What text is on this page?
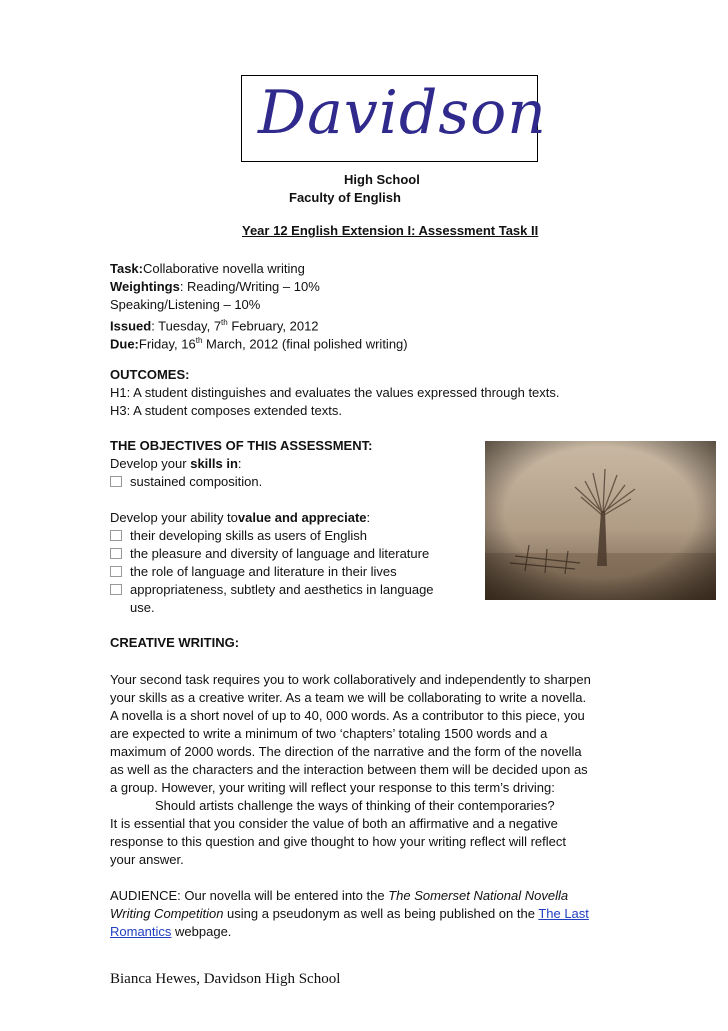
Davidson
High School
Faculty of English
Year 12 English Extension I: Assessment Task II
Task:Collaborative novella writing
Weightings: Reading/Writing – 10%
Speaking/Listening – 10%
Issued: Tuesday, 7th February, 2012
Due:Friday, 16th March, 2012 (final polished writing)
OUTCOMES:
H1: A student distinguishes and evaluates the values expressed through texts.
H3: A student composes extended texts.
THE OBJECTIVES OF THIS ASSESSMENT:
Develop your skills in:
sustained composition.
Develop your ability tovalue and appreciate:
their developing skills as users of English
the pleasure and diversity of language and literature
the role of language and literature in their lives
appropriateness, subtlety and aesthetics in language
use.
CREATIVE WRITING:
Your second task requires you to work collaboratively and independently to sharpen
your skills as a creative writer. As a team we will be collaborating to write a novella.
A novella is a short novel of up to 40, 000 words. As a contributor to this piece, you
are expected to write a minimum of two ‘chapters’ totaling 1500 words and a
maximum of 2000 words. The direction of the narrative and the form of the novella
as well as the characters and the interaction between them will be decided upon as
a group. However, your writing will reflect your response to this term’s driving:
Should artists challenge the ways of thinking of their contemporaries?
It is essential that you consider the value of both an affirmative and a negative
response to this question and give thought to how your writing reflect will reflect
your answer.
AUDIENCE: Our novella will be entered into the The Somerset National Novella
Writing Competition using a pseudonym as well as being published on the The Last
Romantics webpage.
Bianca Hewes, Davidson High School
